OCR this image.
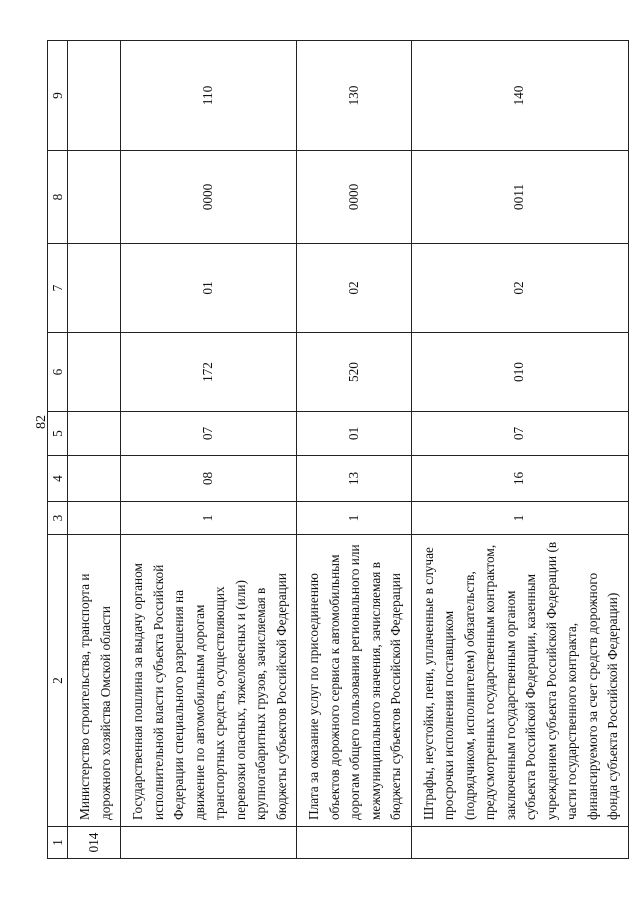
82
1	2	3	4	5	6	7	8	9
014	Министерство строительства, транспорта и дорожного хозяйства Омской области							
	Государственная пошлина за выдачу органом исполнительной власти субъекта Российской Федерации специального разрешения на движение по автомобильным дорогам транспортных средств, осуществляющих перевозки опасных, тяжеловесных и (или) крупногабаритных грузов, зачисляемая в бюджеты субъектов Российской Федерации	1	08	07	172	01	0000	110
	Плата за оказание услуг по присоединению объектов дорожного сервиса к автомобильным дорогам общего пользования регионального или межмуниципального значения, зачисляемая в бюджеты субъектов Российской Федерации	1	13	01	520	02	0000	130
	Штрафы, неустойки, пени, уплаченные в случае просрочки исполнения поставщиком (подрядчиком, исполнителем) обязательств, предусмотренных государственным контрактом, заключенным государственным органом субъекта Российской Федерации, казенным учреждением субъекта Российской Федерации (в части государственного контракта, финансируемого за счет средств дорожного фонда субъекта Российской Федерации)	1	16	07	010	02	0011	140
